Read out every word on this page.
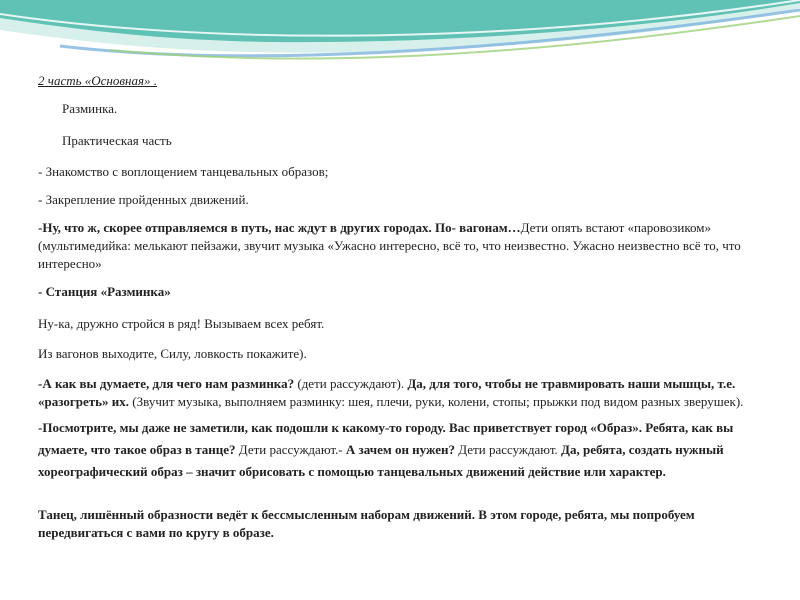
2 часть «Основная» .

Разминка.
Практическая часть

- Знакомство с воплощением танцевальных образов;

- Закрепление пройденных движений.

-Ну, что ж, скорее отправляемся в путь, нас ждут в других городах. По- вагонам…Дети опять встают «паровозиком» (мультимедийка: мелькают пейзажи, звучит музыка «Ужасно интересно, всё то, что неизвестно. Ужасно неизвестно всё то, что интересно»

- Станция «Разминка»

Ну-ка, дружно стройся в ряд! Вызываем всех ребят.

Из вагонов выходите, Силу, ловкость покажите).

-А как вы думаете, для чего нам разминка? (дети рассуждают). Да, для того, чтобы не травмировать наши мышцы, т.е. «разогреть» их. (Звучит музыка, выполняем разминку: шея, плечи, руки, колени, стопы; прыжки под видом разных зверушек).

-Посмотрите, мы даже не заметили, как подошли к какому-то городу. Вас приветствует город «Образ». Ребята, как вы думаете, что такое образ в танце? Дети рассуждают.- А зачем он нужен? Дети рассуждают. Да, ребята, создать нужный хореографический образ – значит обрисовать с помощью танцевальных движений действие или характер.

Танец, лишённый образности ведёт к бессмысленным наборам движений. В этом городе, ребята, мы попробуем передвигаться с вами по кругу в образе.
